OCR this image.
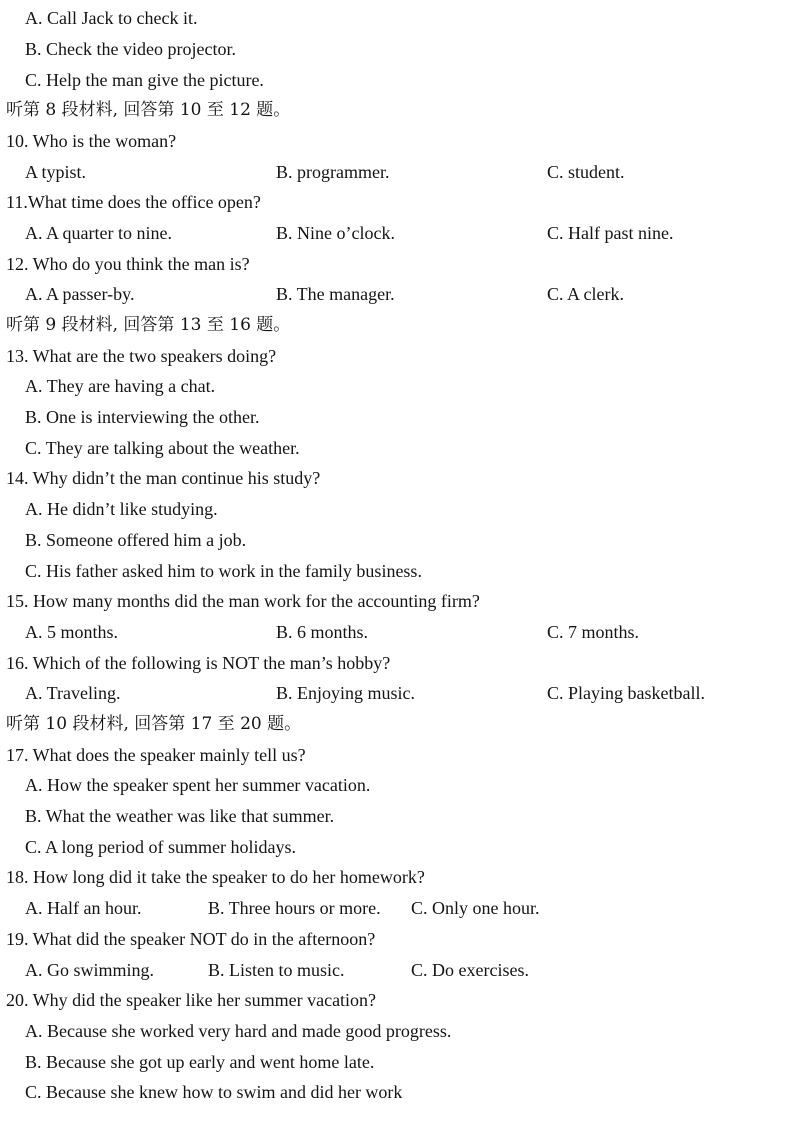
A. Call Jack to check it.
B. Check the video projector.
C. Help the man give the picture.
听第 8 段材料, 回答第 10 至 12 题。
10. Who is the woman?
A typist.	B. programmer.	C. student.
11.What time does the office open?
A. A quarter to nine.	B. Nine o’clock.	C. Half past nine.
12. Who do you think the man is?
A. A passer-by.	B. The manager.	C. A clerk.
听第 9 段材料, 回答第 13 至 16 题。
13. What are the two speakers doing?
A. They are having a chat.
B. One is interviewing the other.
C. They are talking about the weather.
14. Why didn’t the man continue his study?
A. He didn’t like studying.
B. Someone offered him a job.
C. His father asked him to work in the family business.
15. How many months did the man work for the accounting firm?
A. 5 months.	B. 6 months.	C. 7 months.
16. Which of the following is NOT the man’s hobby?
A. Traveling.	B. Enjoying music.	C. Playing basketball.
听第 10 段材料, 回答第 17 至 20 题。
17. What does the speaker mainly tell us?
A. How the speaker spent her summer vacation.
B. What the weather was like that summer.
C. A long period of summer holidays.
18. How long did it take the speaker to do her homework?
A. Half an hour.	B. Three hours or more. C. Only one hour.
19. What did the speaker NOT do in the afternoon?
A. Go swimming.	B. Listen to music.	C. Do exercises.
20. Why did the speaker like her summer vacation?
A. Because she worked very hard and made good progress.
B. Because she got up early and went home late.
C. Because she knew how to swim and did her work
